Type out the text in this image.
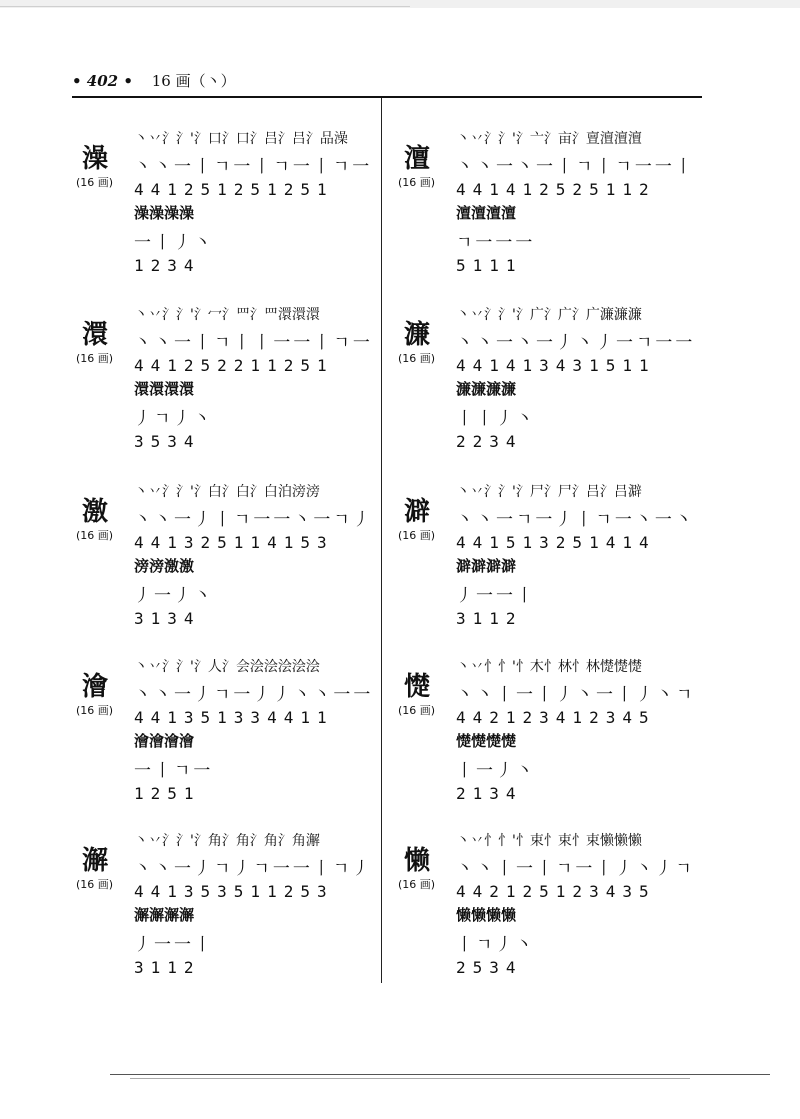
• 402 • 16 画（丶）
澡
(16 画)
丶丷氵氵'氵口氵口氵吕氵吕氵品澡
丶丶一丨ㄱ一丨ㄱ一丨ㄱ一
441251251251
澡澡澡澡
一丨丿丶
1234
澴
(16 画)
丶丷氵氵'氵冖氵罒氵罒澴澴澴
丶丶一丨ㄱ丨丨一一丨ㄱ一
441252211251
澴澴澴澴
丿ㄱ丿丶
3534
激
(16 画)
丶丷氵氵'氵白氵白氵白泊滂滂
丶丶一丿丨ㄱ一一丶一ㄱ丿
441325114153
滂滂激激
丿一丿丶
3134
澮
(16 画)
丶丷氵氵'氵人氵会浍浍浍浍浍
丶丶一丿ㄱ一丿丿丶丶一一
441351334411
澮澮澮澮
一丨ㄱ一
1251
澥
(16 画)
丶丷氵氵'氵角氵角氵角氵角澥
丶丶一丿ㄱ丿ㄱ一一丨ㄱ丿
441353511253
澥澥澥澥
丿一一丨
3112
澶
(16 画)
丶丷氵氵'氵亠氵亩氵亶澶澶澶
丶丶一丶一丨ㄱ丨ㄱ一一丨
441412525112
澶澶澶澶
ㄱ一一一
5111
濂
(16 画)
丶丷氵氵'氵广氵广氵广濂濂濂
丶丶一丶一丿丶丿一ㄱ一一
441413431511
濂濂濂濂
丨丨丿丶
2234
澼
(16 画)
丶丷氵氵'氵尸氵尸氵吕氵吕澼
丶丶一ㄱ一丿丨ㄱ一丶一丶
441513251414
澼澼澼澼
丿一一丨
3112
憷
(16 画)
丶丷忄忄'忄木忄林忄林憷憷憷
丶丶丨一丨丿丶一丨丿丶ㄱ
442123412345
憷憷憷憷
丨一丿丶
2134
懒
(16 画)
丶丷忄忄'忄束忄束忄束懒懒懒
丶丶丨一丨ㄱ一丨丿丶丿ㄱ
442125123435
懒懒懒懒
丨ㄱ丿丶
2534
